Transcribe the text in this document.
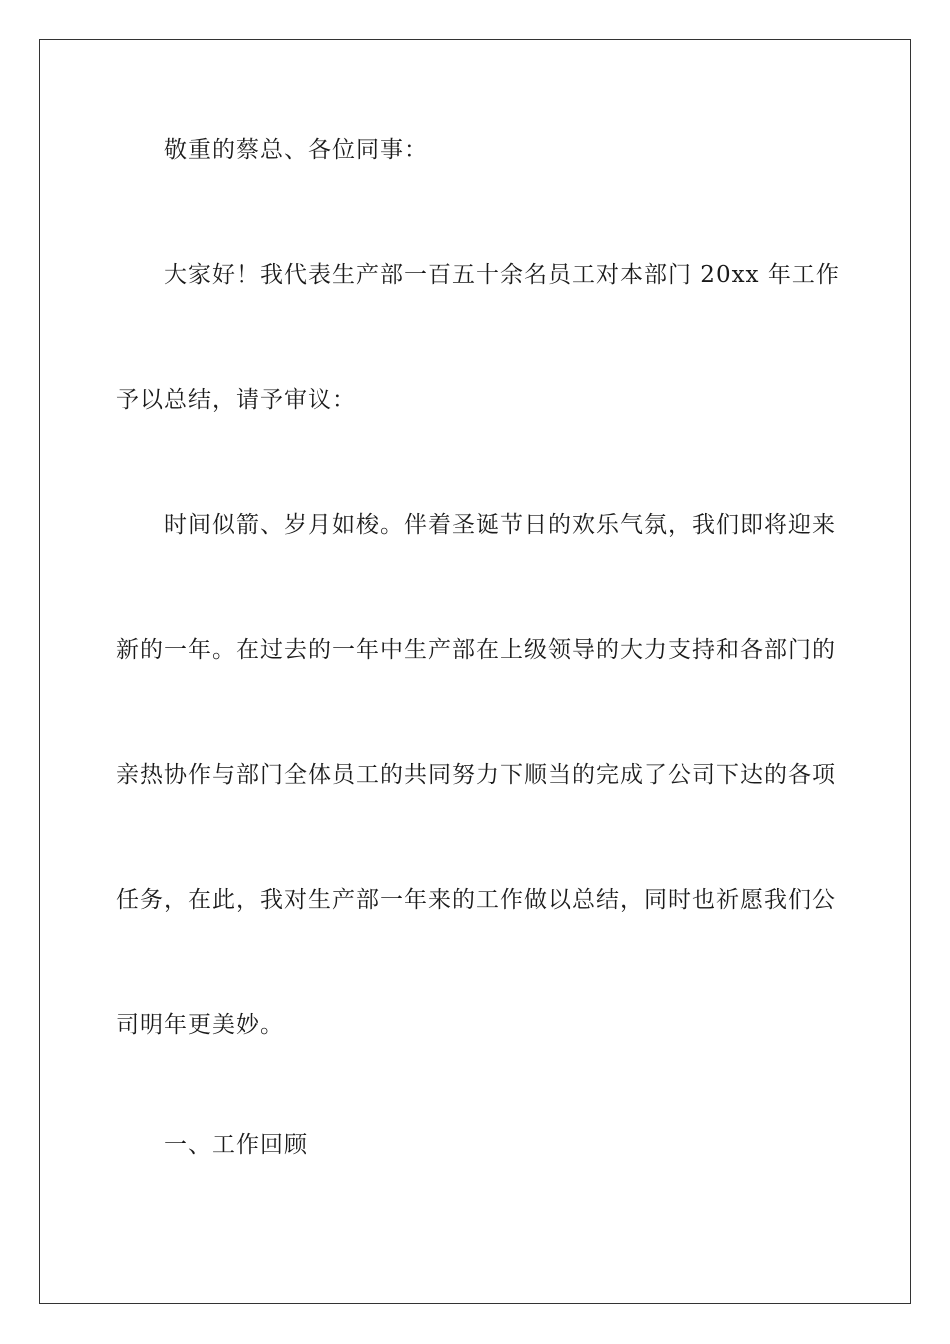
敬重的蔡总、各位同事：
大家好！我代表生产部一百五十余名员工对本部门 20xx 年工作
予以总结，请予审议：
时间似箭、岁月如梭。伴着圣诞节日的欢乐气氛，我们即将迎来
新的一年。在过去的一年中生产部在上级领导的大力支持和各部门的
亲热协作与部门全体员工的共同努力下顺当的完成了公司下达的各项
任务，在此，我对生产部一年来的工作做以总结，同时也祈愿我们公
司明年更美妙。
一、工作回顾
